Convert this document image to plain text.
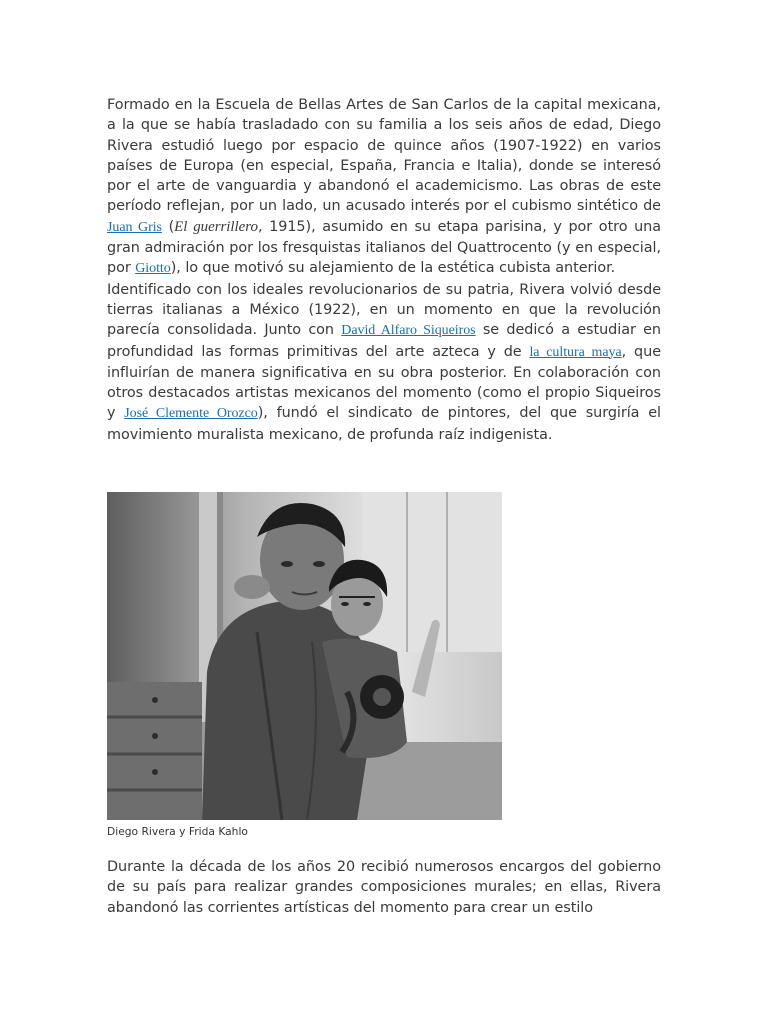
Formado en la Escuela de Bellas Artes de San Carlos de la capital mexicana, a la que se había trasladado con su familia a los seis años de edad, Diego Rivera estudió luego por espacio de quince años (1907-1922) en varios países de Europa (en especial, España, Francia e Italia), donde se interesó por el arte de vanguardia y abandonó el academicismo. Las obras de este período reflejan, por un lado, un acusado interés por el cubismo sintético de Juan Gris (El guerrillero, 1915), asumido en su etapa parisina, y por otro una gran admiración por los fresquistas italianos del Quattrocento (y en especial, por Giotto), lo que motivó su alejamiento de la estética cubista anterior.

Identificado con los ideales revolucionarios de su patria, Rivera volvió desde tierras italianas a México (1922), en un momento en que la revolución parecía consolidada. Junto con David Alfaro Siqueiros se dedicó a estudiar en profundidad las formas primitivas del arte azteca y de la cultura maya, que influirían de manera significativa en su obra posterior. En colaboración con otros destacados artistas mexicanos del momento (como el propio Siqueiros y José Clemente Orozco), fundó el sindicato de pintores, del que surgiría el movimiento muralista mexicano, de profunda raíz indigenista.

Diego Rivera y Frida Kahlo

Durante la década de los años 20 recibió numerosos encargos del gobierno de su país para realizar grandes composiciones murales; en ellas, Rivera abandonó las corrientes artísticas del momento para crear un estilo
